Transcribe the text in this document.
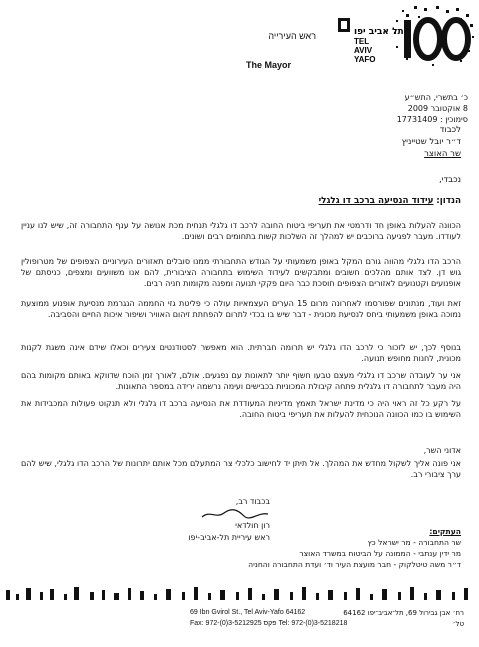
TEL
AVIV
YAFO
תל אביב יפו
ראש העירייה
The Mayor
כ׳ בתשרי, התש״ע
8 אוקטובר 2009
סימוכין : 17731409
לכבוד
ד״ר יובל שטייניץ
שר האוצר
נכבדי,
הנדון: עידוד הנסיעה ברכב דו גלגלי
הכוונה להעלות באופן חד ודרמטי את תעריפי ביטוח החובה לרכב דו גלגלי תנחית מכת אנושה על ענף התחבורה זה, שיש לנו עניין לעודדו. מעבר לפגיעה ברוכבים יש למהלך זה השלכות קשות בתחומים רבים ושונים.
הרכב הדו גלגלי מהווה גורם המקל באופן משמעותי על הגודש התחבורתי ממנו סובלים תאזורים העירוניים הצפופים של מטרופולין גוש דן. לצד אותם מהלכים חשובים ומתבקשים לעידוד השימוש בתחבורה הציבורית, להם אנו משוועים ומצפים, כניסתם של אופנועים וקטנועים לאזורים הצפופים חוסכת כבר היום פקקי תנועה ומפנה מקומות חניה רבים.
זאת ועוד, מנתונים שפורסמו לאחרונה מרום 15 הערים העצמאיות עולה כי פליטת גזי החממה הנגרמת מנסיעת אופנוע ממוצעת נמוכה באופן משמעותי ביחס לנסיעת מכונית - דבר שיש בו בכדי לתרום להפחתת זיהום האוויר ושיפור איכות החיים והסביבה.
בנוסף לכך, יש לזכור כי לרכב הדו גלגלי יש תרומה חברתית. הוא מאפשר לסטודנטים צעירים וכאלו שידם אינה משגת לקנות מכונית, לחנות מחופש תנועה.
אני ער לעובדה שרכב דו גלגלי מעצם טבעו חשוף יותר לתאונות עם נפגעים. אולם, לאורך זמן הוכח שדווקא באותם מקומות בהם היה מעבר לתחבורה דו גלגלית פתחה קיבולת המכוניות בכבישים ועימה נרשמה ירידה במספר התאונות.
על רקע כל זה ראוי היה כי מדינת ישראל תאמץ מדיניות המעודדת את הנסיעה ברכב דו גלגלי ולא תנקוט פעולות המכבידות את השימוש בו כמו הכוונה הנוכחית להעלות את תעריפי ביטוח החובה.
אדוני השר,
אני פונה אליך לשקול מחדש את המהלך. אל תיתן יד לחישוב כלכלי צר המתעלם מכל אותם יתרונות של הרכב הדו גלגלי, שיש להם ערך ציבורי רב.
בכבוד רב,
רון חולדאי
ראש עיריית תל-אביב-יפו
העתקים:
שר התחבורה - מר ישראל כץ
מר ידין ענתבי - הממונה על הביטוח במשרד האוצר
ד״ר משה טיטלקוק - חבר מועצת העיר וד׳ ועדת התחבורה והחניה
69 Ibn Gvirol St., Tel Aviv-Yafo 64162	רח׳ אבן גבירול 69, תל־אביב־יפו 64162
Fax: 972-(0)3-5212925 פקס Tel: 972-(0)3-5218218	טל׳
